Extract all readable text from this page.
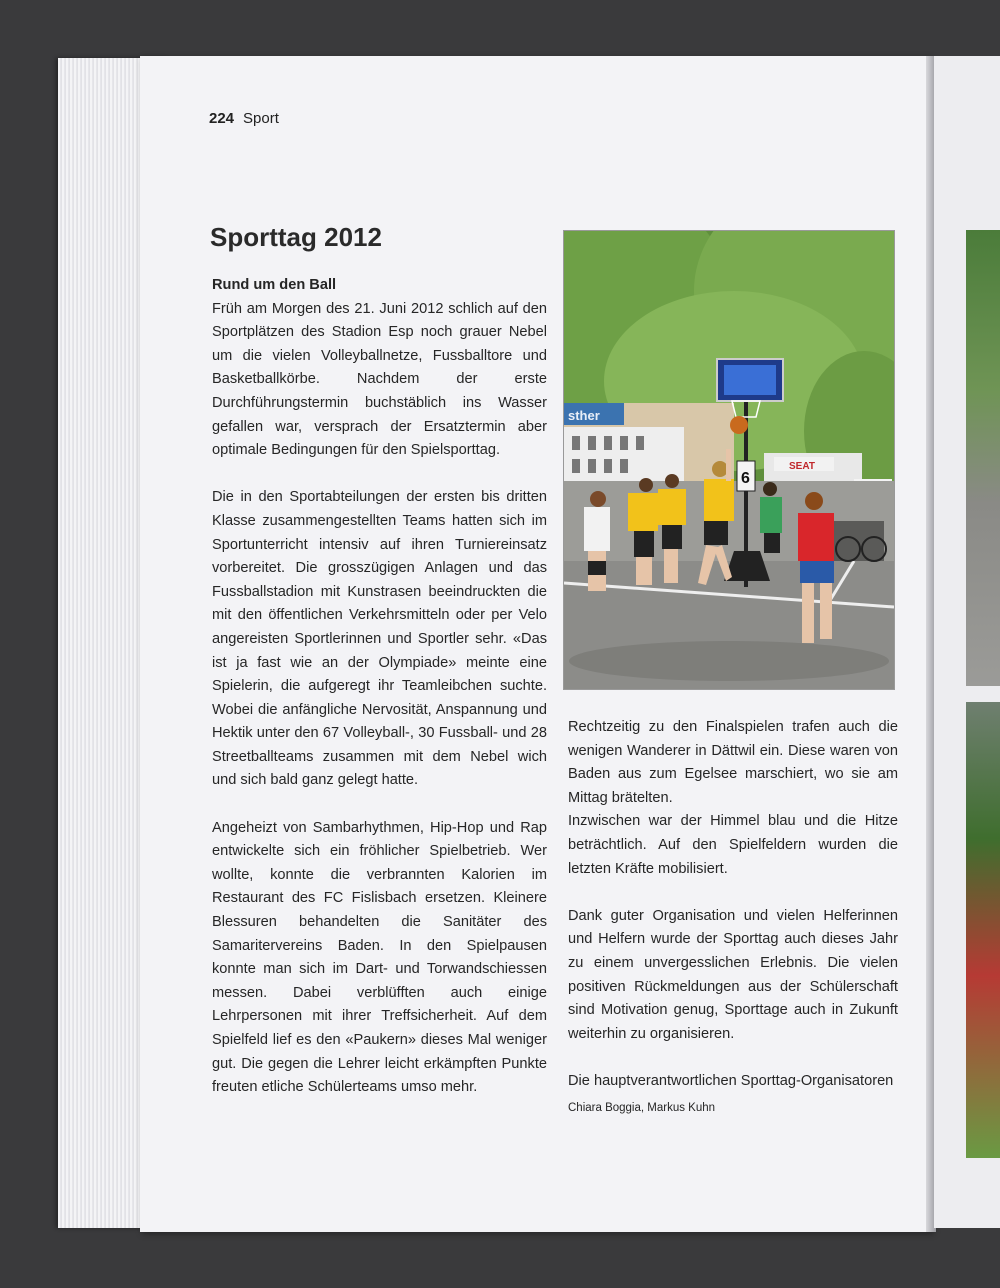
224 Sport
Sporttag 2012

Rund um den Ball
Früh am Morgen des 21. Juni 2012 schlich auf den Sportplätzen des Stadion Esp noch grauer Nebel um die vielen Volleyballnetze, Fussballtore und Basketballkörbe. Nachdem der erste Durchführungstermin buchstäblich ins Wasser gefallen war, versprach der Ersatztermin aber optimale Bedingungen für den Spielsporttag.

Die in den Sportabteilungen der ersten bis dritten Klasse zusammengestellten Teams hatten sich im Sportunterricht intensiv auf ihren Turniereinsatz vorbereitet. Die grosszügigen Anlagen und das Fussballstadion mit Kunstrasen beeindruckten die mit den öffentlichen Verkehrsmitteln oder per Velo angereisten Sportlerinnen und Sportler sehr. «Das ist ja fast wie an der Olympiade» meinte eine Spielerin, die aufgeregt ihr Teamleibchen suchte. Wobei die anfängliche Nervosität, Anspannung und Hektik unter den 67 Volleyball-, 30 Fussball- und 28 Streetballteams zusammen mit dem Nebel wich und sich bald ganz gelegt hatte.

Angeheizt von Sambarhythmen, Hip-Hop und Rap entwickelte sich ein fröhlicher Spielbetrieb. Wer wollte, konnte die verbrannten Kalorien im Restaurant des FC Fislisbach ersetzen. Kleinere Blessuren behandelten die Sanitäter des Samaritervereins Baden. In den Spielpausen konnte man sich im Dart- und Torwandschiessen messen. Dabei verblüfften auch einige Lehrpersonen mit ihrer Treffsicherheit. Auf dem Spielfeld lief es den «Paukern» dieses Mal weniger gut. Die gegen die Lehrer leicht erkämpften Punkte freuten etliche Schülerteams umso mehr.

sther
SEAT
6

Rechtzeitig zu den Finalspielen trafen auch die wenigen Wanderer in Dättwil ein. Diese waren von Baden aus zum Egelsee marschiert, wo sie am Mittag brätelten.
Inzwischen war der Himmel blau und die Hitze beträchtlich. Auf den Spielfeldern wurden die letzten Kräfte mobilisiert.

Dank guter Organisation und vielen Helferinnen und Helfern wurde der Sporttag auch dieses Jahr zu einem unvergesslichen Erlebnis. Die vielen positiven Rückmeldungen aus der Schülerschaft sind Motivation genug, Sporttage auch in Zukunft weiterhin zu organisieren.

Die hauptverantwortlichen Sporttag-Organisatoren

Chiara Boggia, Markus Kuhn
